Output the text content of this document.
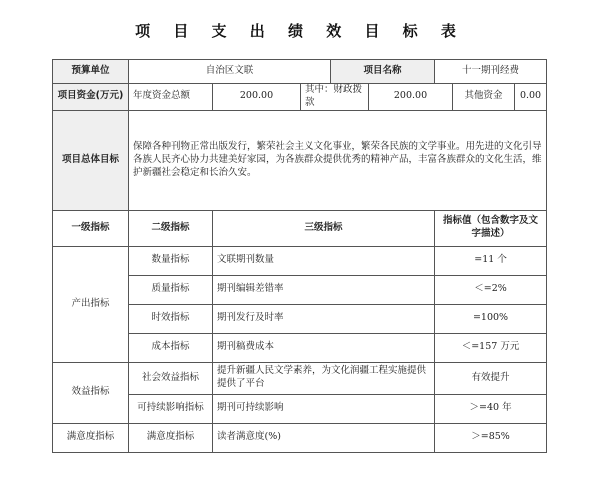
项 目 支 出 绩 效 目 标 表
预算单位	自治区文联			项目名称		十一期刊经费		
项目资金(万元)	年度资金总额	200.00	其中：财政拨款		200.00		其他资金	0.00
项目总体目标	保障各种刊物正常出版发行，繁荣社会主义文化事业，繁荣各民族的文学事业。用先进的文化引导各族人民齐心协力共建美好家园，为各族群众提供优秀的精神产品，丰富各族群众的文化生活，维护新疆社会稳定和长治久安。							
一级指标	二级指标	三级指标				指标值（包含数字及文字描述）		
产出指标	数量指标	文联期刊数量				=11 个		
	质量指标	期刊编辑差错率				＜=2%		
	时效指标	期刊发行及时率				=100%		
	成本指标	期刊稿费成本				＜=157 万元		
效益指标	社会效益指标	提升新疆人民文学素养，为文化润疆工程实施提供提供了平台				有效提升		
	可持续影响指标	期刊可持续影响				＞=40 年		
满意度指标	满意度指标	读者满意度(%)				＞=85%		
